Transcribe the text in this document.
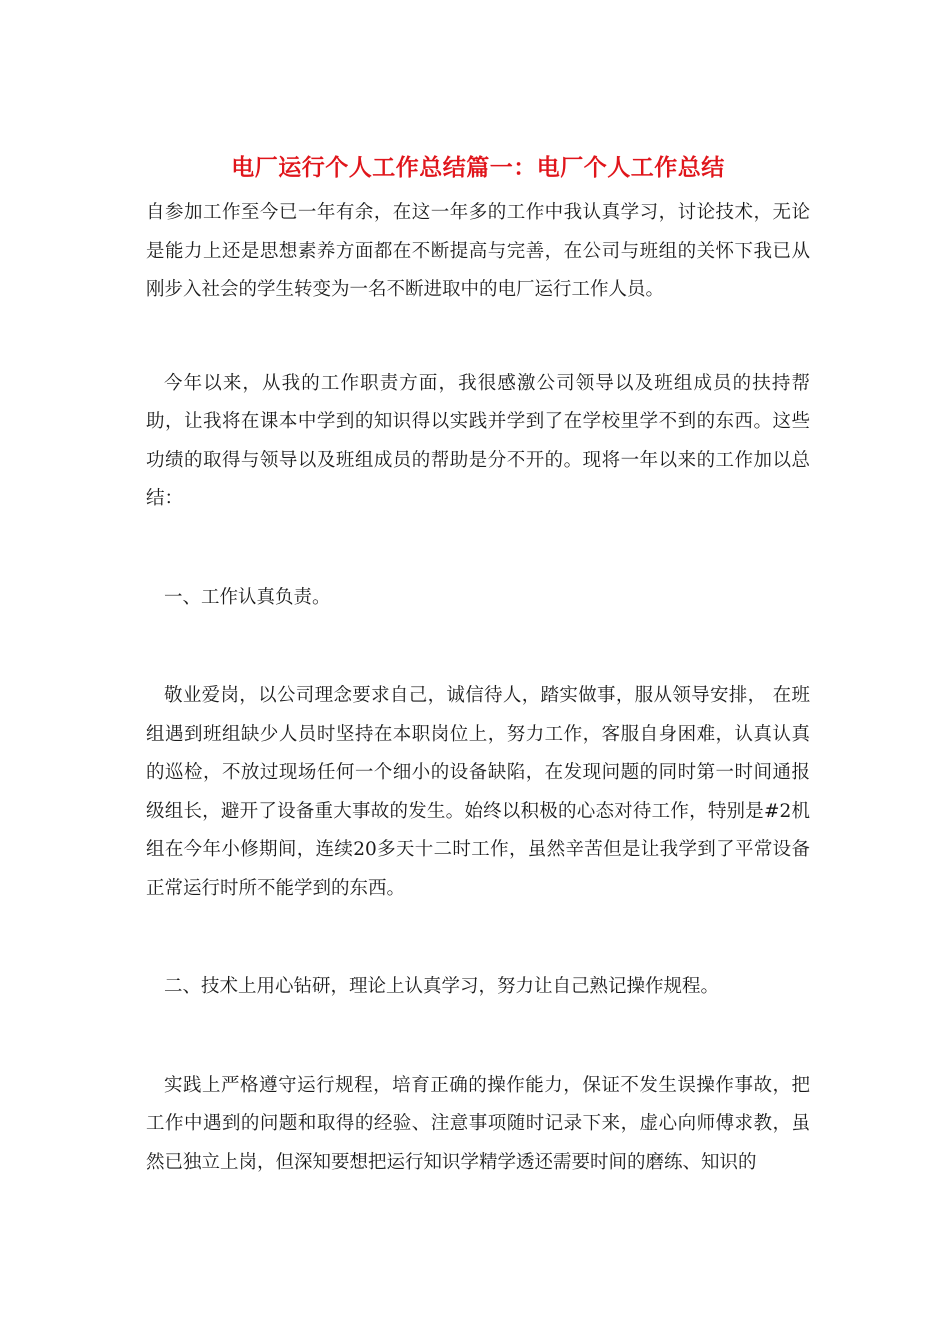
电厂运行个人工作总结篇一：电厂个人工作总结

自参加工作至今已一年有余，在这一年多的工作中我认真学习，讨论技术，无论是能力上还是思想素养方面都在不断提高与完善，在公司与班组的关怀下我已从刚步入社会的学生转变为一名不断进取中的电厂运行工作人员。

今年以来，从我的工作职责方面，我很感激公司领导以及班组成员的扶持帮助，让我将在课本中学到的知识得以实践并学到了在学校里学不到的东西。这些功绩的取得与领导以及班组成员的帮助是分不开的。现将一年以来的工作加以总结：

一、工作认真负责。

敬业爱岗，以公司理念要求自己，诚信待人，踏实做事，服从领导安排， 在班组遇到班组缺少人员时坚持在本职岗位上，努力工作，客服自身困难，认真认真的巡检，不放过现场任何一个细小的设备缺陷，在发现问题的同时第一时间通报级组长，避开了设备重大事故的发生。始终以积极的心态对待工作，特别是#2机组在今年小修期间，连续20多天十二时工作，虽然辛苦但是让我学到了平常设备正常运行时所不能学到的东西。

二、技术上用心钻研，理论上认真学习，努力让自己熟记操作规程。

实践上严格遵守运行规程，培育正确的操作能力，保证不发生误操作事故，把工作中遇到的问题和取得的经验、注意事项随时记录下来，虚心向师傅求教，虽然已独立上岗，但深知要想把运行知识学精学透还需要时间的磨练、知识的
